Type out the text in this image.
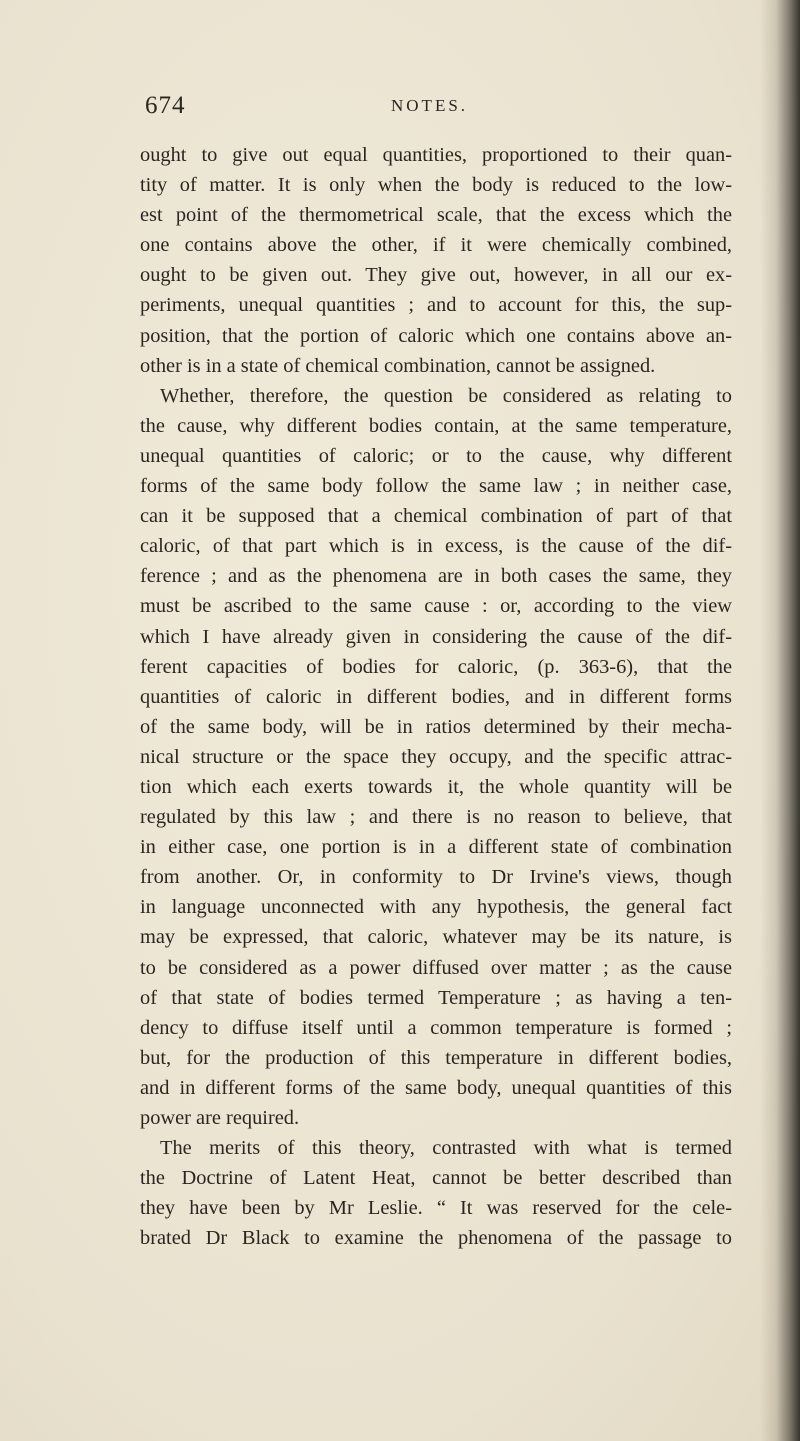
674	NOTES.
ought to give out equal quantities, proportioned to their quan-
tity of matter. It is only when the body is reduced to the low-
est point of the thermometrical scale, that the excess which the
one contains above the other, if it were chemically combined,
ought to be given out. They give out, however, in all our ex-
periments, unequal quantities ; and to account for this, the sup-
position, that the portion of caloric which one contains above an-
other is in a state of chemical combination, cannot be assigned.
Whether, therefore, the question be considered as relating to
the cause, why different bodies contain, at the same temperature,
unequal quantities of caloric; or to the cause, why different
forms of the same body follow the same law ; in neither case,
can it be supposed that a chemical combination of part of that
caloric, of that part which is in excess, is the cause of the dif-
ference ; and as the phenomena are in both cases the same, they
must be ascribed to the same cause : or, according to the view
which I have already given in considering the cause of the dif-
ferent capacities of bodies for caloric, (p. 363-6), that the
quantities of caloric in different bodies, and in different forms
of the same body, will be in ratios determined by their mecha-
nical structure or the space they occupy, and the specific attrac-
tion which each exerts towards it, the whole quantity will be
regulated by this law ; and there is no reason to believe, that
in either case, one portion is in a different state of combination
from another. Or, in conformity to Dr Irvine's views, though
in language unconnected with any hypothesis, the general fact
may be expressed, that caloric, whatever may be its nature, is
to be considered as a power diffused over matter ; as the cause
of that state of bodies termed Temperature ; as having a ten-
dency to diffuse itself until a common temperature is formed ;
but, for the production of this temperature in different bodies,
and in different forms of the same body, unequal quantities of this
power are required.
The merits of this theory, contrasted with what is termed
the Doctrine of Latent Heat, cannot be better described than
they have been by Mr Leslie. “ It was reserved for the cele-
brated Dr Black to examine the phenomena of the passage to
